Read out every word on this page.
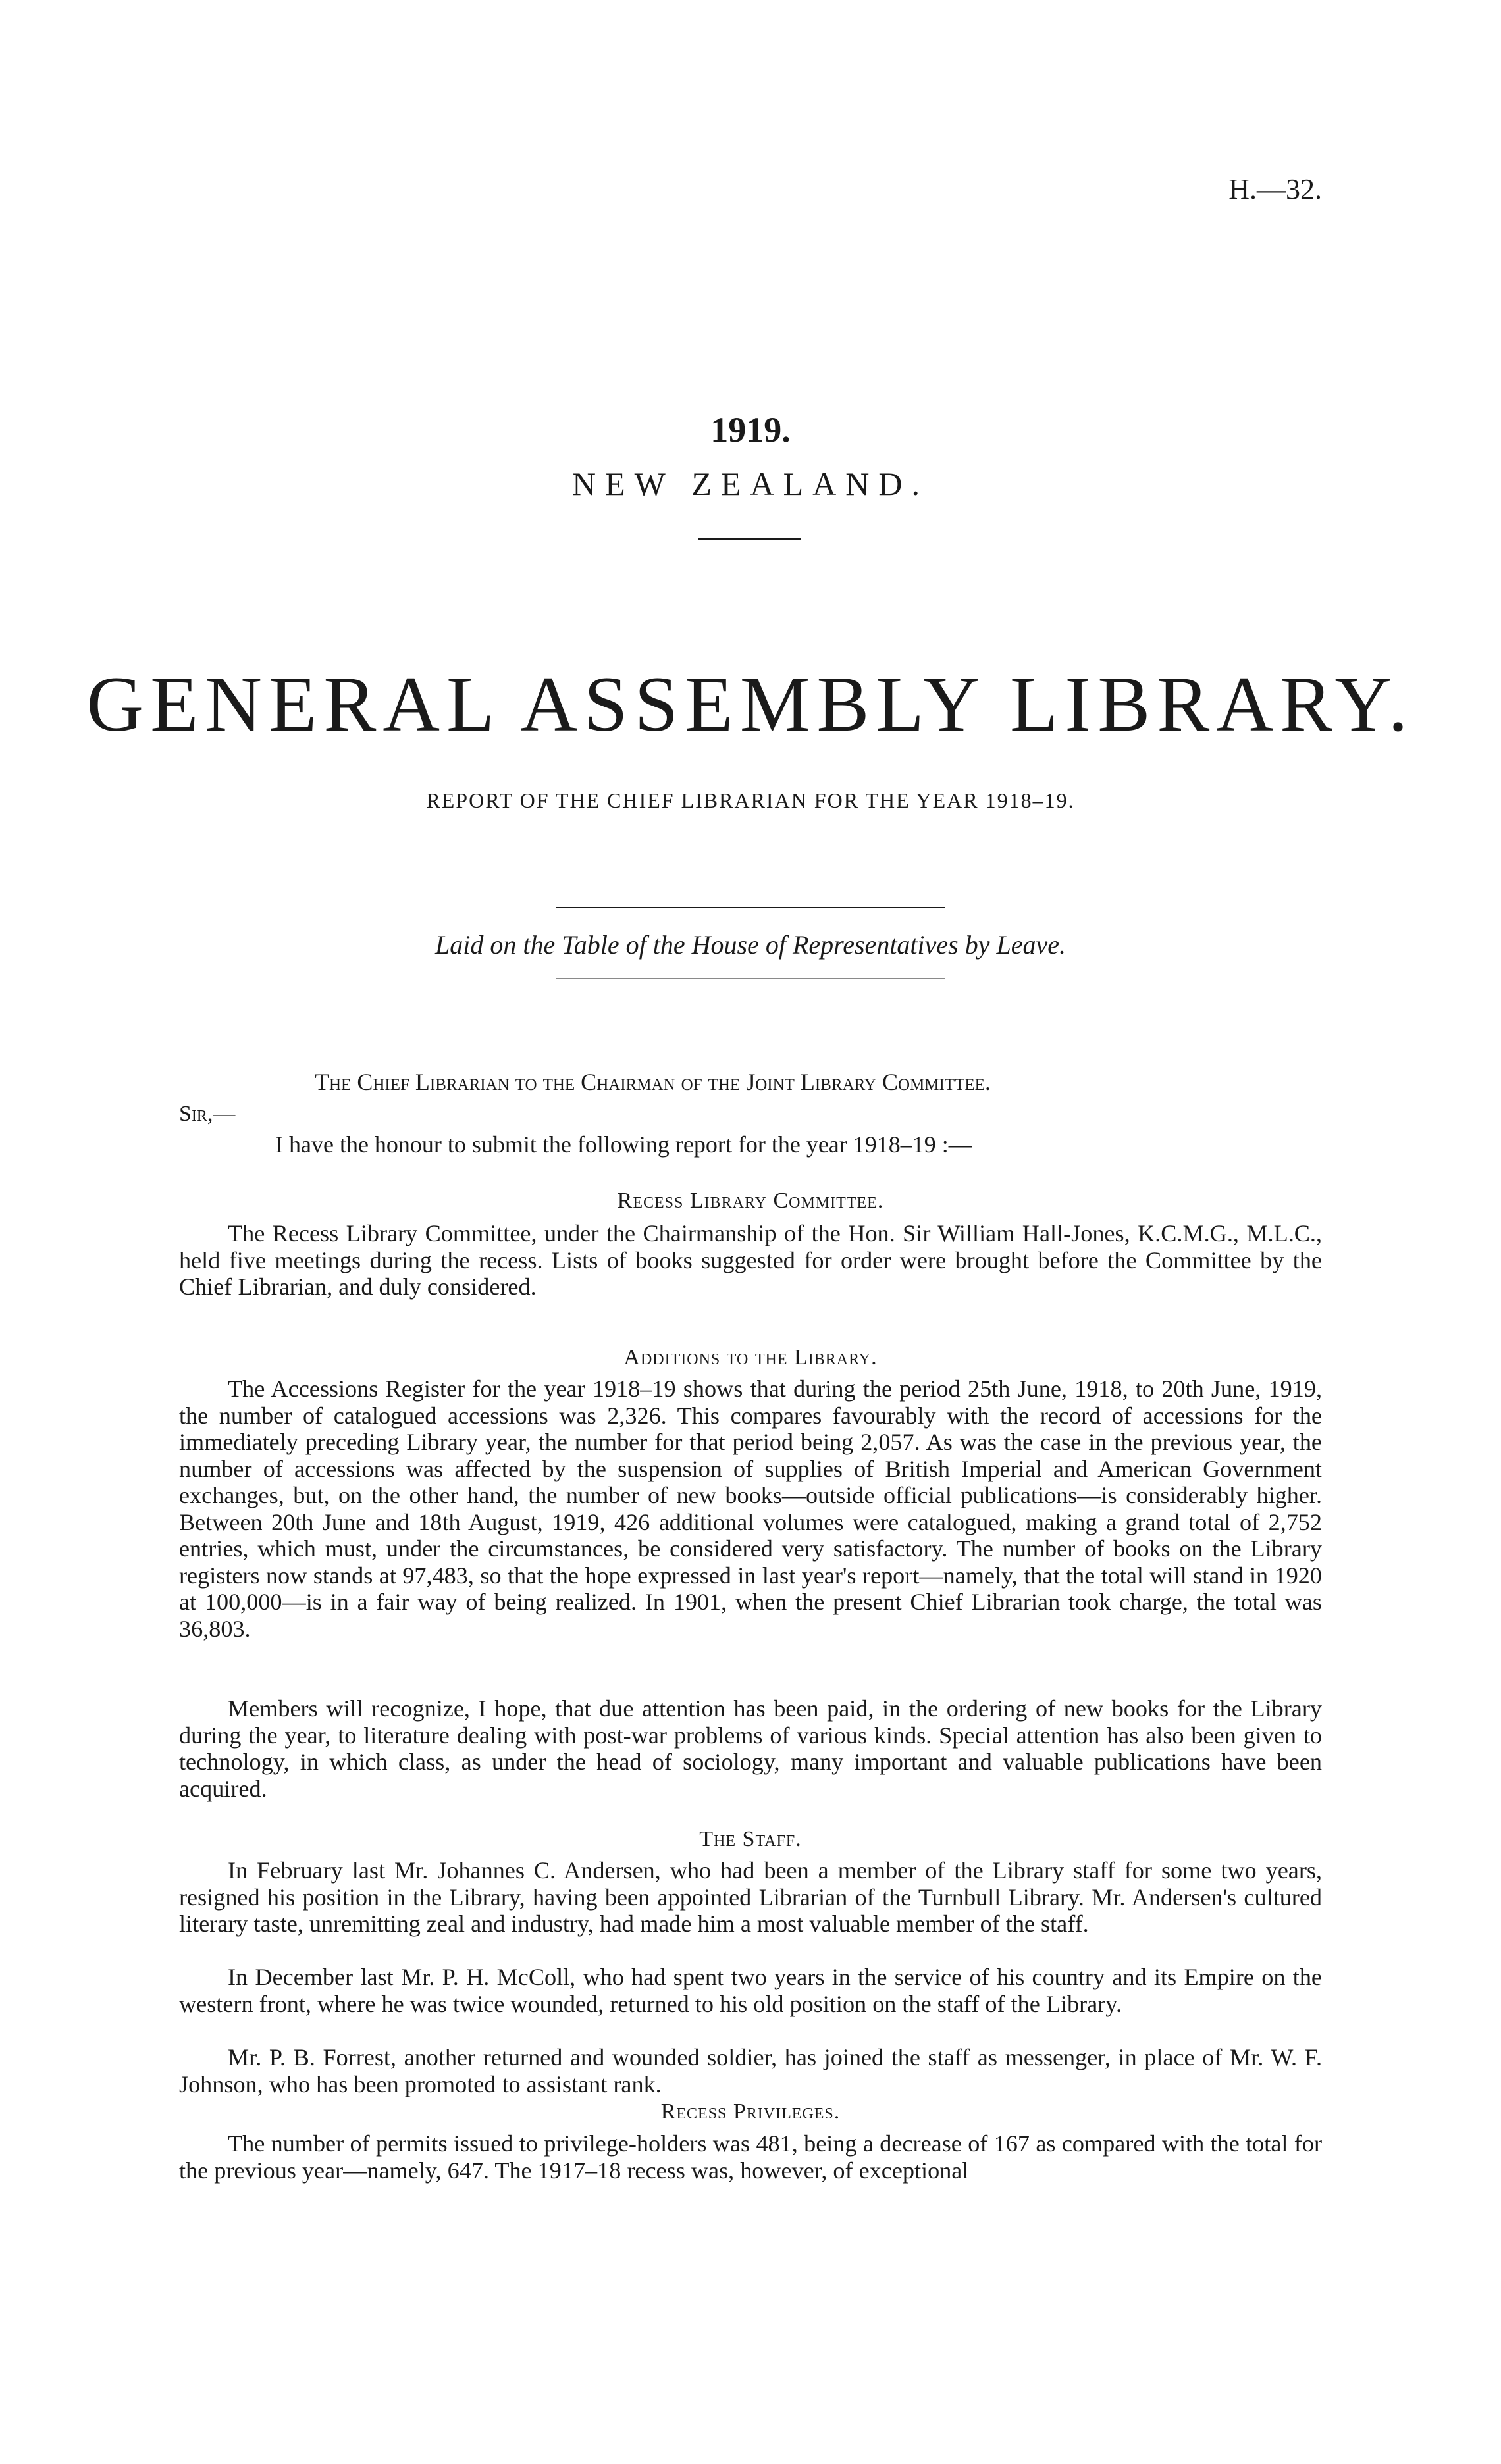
H.—32.
1919.
NEW ZEALAND.
GENERAL ASSEMBLY LIBRARY.
REPORT OF THE CHIEF LIBRARIAN FOR THE YEAR 1918–19.
Laid on the Table of the House of Representatives by Leave.
The Chief Librarian to the Chairman of the Joint Library Committee.
Sir,—
I have the honour to submit the following report for the year 1918–19 :—
Recess Library Committee.

The Recess Library Committee, under the Chairmanship of the Hon. Sir William Hall-Jones, K.C.M.G., M.L.C., held five meetings during the recess. Lists of books suggested for order were brought before the Committee by the Chief Librarian, and duly considered.

Additions to the Library.

The Accessions Register for the year 1918–19 shows that during the period 25th June, 1918, to 20th June, 1919, the number of catalogued accessions was 2,326. This compares favourably with the record of accessions for the immediately preceding Library year, the number for that period being 2,057. As was the case in the previous year, the number of accessions was affected by the suspension of supplies of British Imperial and American Government exchanges, but, on the other hand, the number of new books—outside official publications—is considerably higher. Between 20th June and 18th August, 1919, 426 additional volumes were catalogued, making a grand total of 2,752 entries, which must, under the circumstances, be considered very satisfactory. The number of books on the Library registers now stands at 97,483, so that the hope expressed in last year's report—namely, that the total will stand in 1920 at 100,000—is in a fair way of being realized. In 1901, when the present Chief Librarian took charge, the total was 36,803.

Members will recognize, I hope, that due attention has been paid, in the ordering of new books for the Library during the year, to literature dealing with post-war problems of various kinds. Special attention has also been given to technology, in which class, as under the head of sociology, many important and valuable publications have been acquired.

The Staff.

In February last Mr. Johannes C. Andersen, who had been a member of the Library staff for some two years, resigned his position in the Library, having been appointed Librarian of the Turnbull Library. Mr. Andersen's cultured literary taste, unremitting zeal and industry, had made him a most valuable member of the staff.

In December last Mr. P. H. McColl, who had spent two years in the service of his country and its Empire on the western front, where he was twice wounded, returned to his old position on the staff of the Library.

Mr. P. B. Forrest, another returned and wounded soldier, has joined the staff as messenger, in place of Mr. W. F. Johnson, who has been promoted to assistant rank.

Recess Privileges.

The number of permits issued to privilege-holders was 481, being a decrease of 167 as compared with the total for the previous year—namely, 647. The 1917–18 recess was, however, of exceptional
